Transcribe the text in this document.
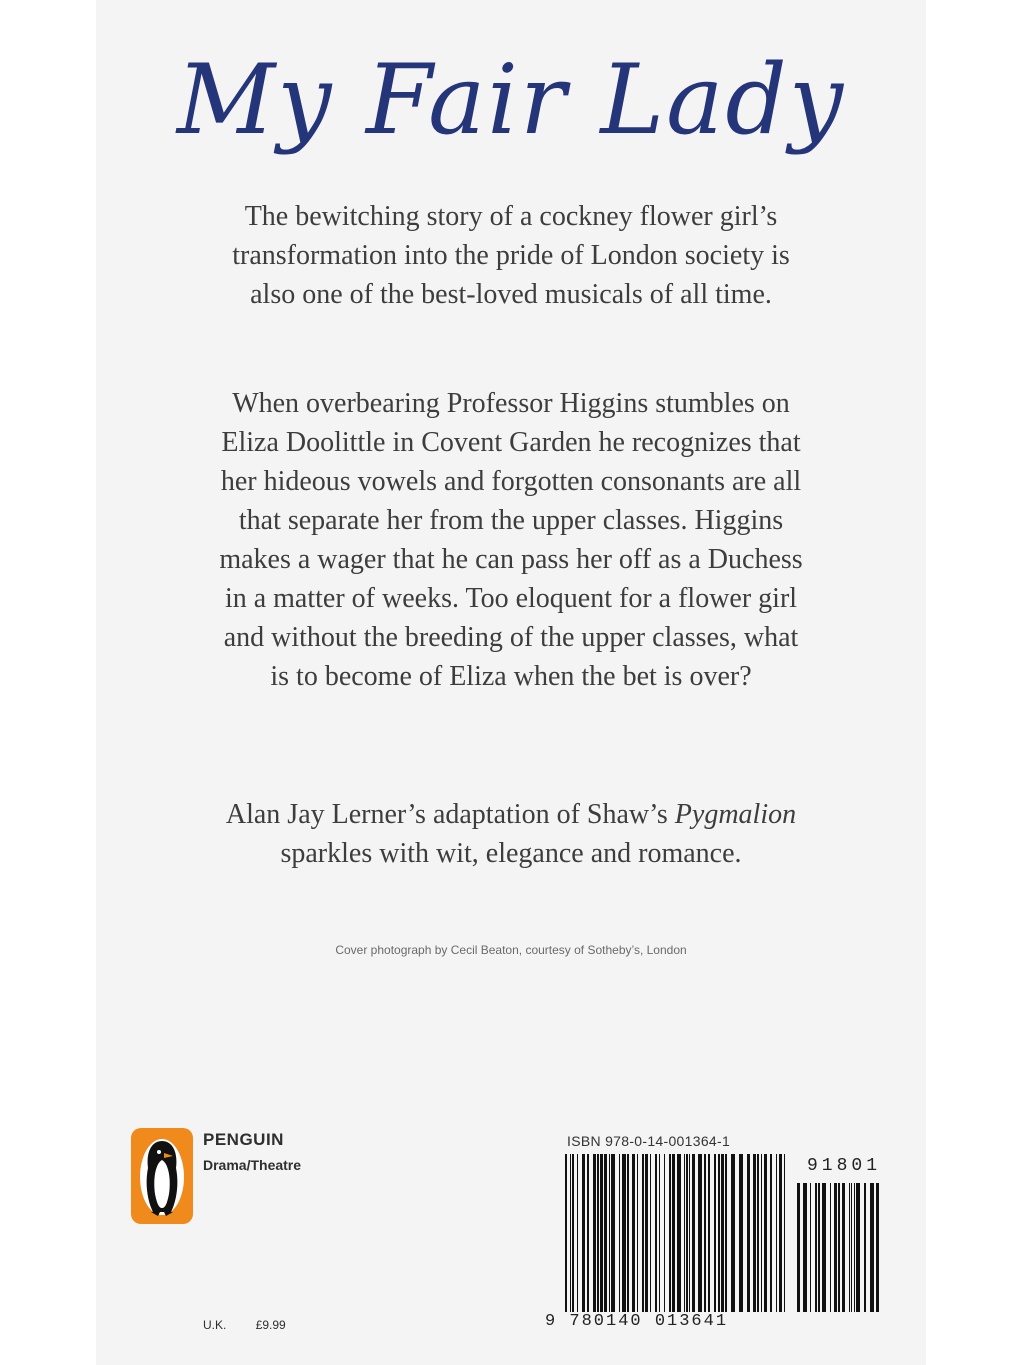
My Fair Lady

The bewitching story of a cockney flower girl’s
transformation into the pride of London society is
also one of the best-loved musicals of all time.

When overbearing Professor Higgins stumbles on
Eliza Doolittle in Covent Garden he recognizes that
her hideous vowels and forgotten consonants are all
that separate her from the upper classes. Higgins
makes a wager that he can pass her off as a Duchess
in a matter of weeks. Too eloquent for a flower girl
and without the breeding of the upper classes, what
is to become of Eliza when the bet is over?

Alan Jay Lerner’s adaptation of Shaw’s Pygmalion
sparkles with wit, elegance and romance.

Cover photograph by Cecil Beaton, courtesy of Sotheby’s, London
PENGUIN
Drama/Theatre
U.K. £9.99
ISBN 978-0-14-001364-1
9 780140 013641
91801
